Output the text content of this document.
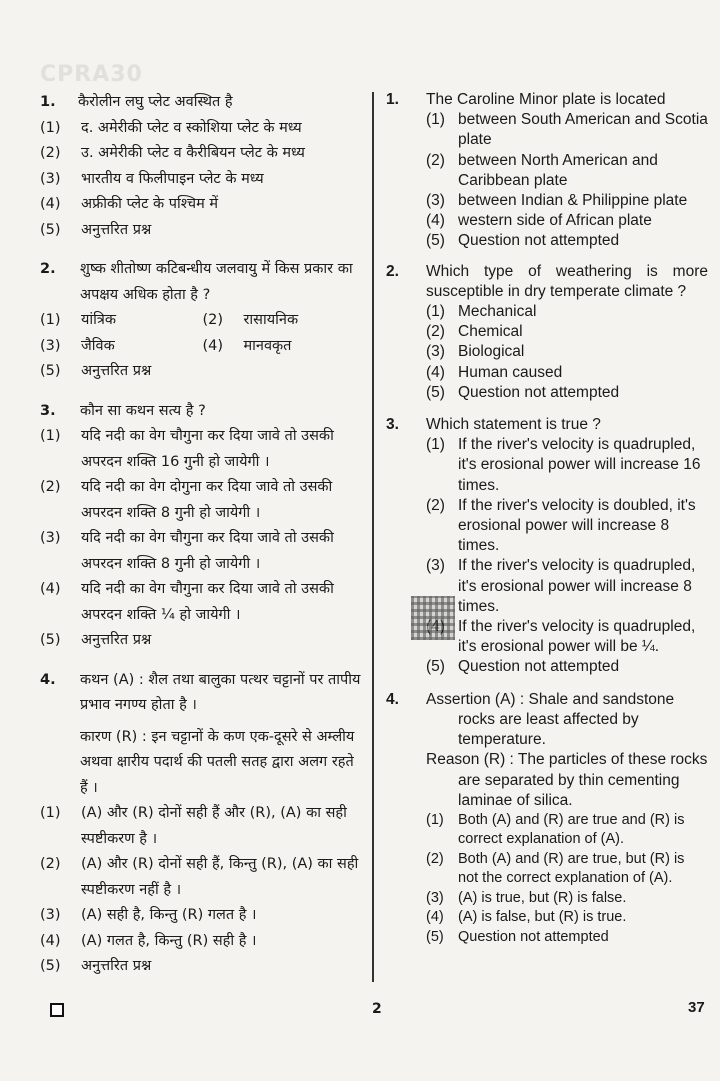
CPRA30
1. कैरोलीन लघु प्लेट अवस्थित है
(1) द. अमेरीकी प्लेट व स्कोशिया प्लेट के मध्य
(2) उ. अमेरीकी प्लेट व कैरीबियन प्लेट के मध्य
(3) भारतीय व फिलीपाइन प्लेट के मध्य
(4) अफ्रीकी प्लेट के पश्चिम में
(5) अनुत्तरित प्रश्न
2. शुष्क शीतोष्ण कटिबन्धीय जलवायु में किस प्रकार का अपक्षय अधिक होता है ?
(1) यांत्रिक	(2) रासायनिक
(3) जैविक	(4) मानवकृत
(5) अनुत्तरित प्रश्न
3. कौन सा कथन सत्य है ?
(1) यदि नदी का वेग चौगुना कर दिया जावे तो उसकी अपरदन शक्ति 16 गुनी हो जायेगी ।
(2) यदि नदी का वेग दोगुना कर दिया जावे तो उसकी अपरदन शक्ति 8 गुनी हो जायेगी ।
(3) यदि नदी का वेग चौगुना कर दिया जावे तो उसकी अपरदन शक्ति 8 गुनी हो जायेगी ।
(4) यदि नदी का वेग चौगुना कर दिया जावे तो उसकी अपरदन शक्ति ¼ हो जायेगी ।
(5) अनुत्तरित प्रश्न
4. कथन (A) : शैल तथा बालुका पत्थर चट्टानों पर तापीय प्रभाव नगण्य होता है ।
कारण (R) : इन चट्टानों के कण एक-दूसरे से अम्लीय अथवा क्षारीय पदार्थ की पतली सतह द्वारा अलग रहते हैं ।
(1) (A) और (R) दोनों सही हैं और (R), (A) का सही स्पष्टीकरण है ।
(2) (A) और (R) दोनों सही हैं, किन्तु (R), (A) का सही स्पष्टीकरण नहीं है ।
(3) (A) सही है, किन्तु (R) गलत है ।
(4) (A) गलत है, किन्तु (R) सही है ।
(5) अनुत्तरित प्रश्न
1. The Caroline Minor plate is located
(1) between South American and Scotia plate
(2) between North American and Caribbean plate
(3) between Indian & Philippine plate
(4) western side of African plate
(5) Question not attempted
2. Which type of weathering is more susceptible in dry temperate climate ?
(1) Mechanical
(2) Chemical
(3) Biological
(4) Human caused
(5) Question not attempted
3. Which statement is true ?
(1) If the river's velocity is quadrupled, it's erosional power will increase 16 times.
(2) If the river's velocity is doubled, it's erosional power will increase 8 times.
(3) If the river's velocity is quadrupled, it's erosional power will increase 8 times.
If the river's velocity is quadrupled, it's erosional power will be ¼.
(5) Question not attempted
4. Assertion (A) : Shale and sandstone rocks are least affected by temperature.
Reason (R) : The particles of these rocks are separated by thin cementing laminae of silica.
(1) Both (A) and (R) are true and (R) is correct explanation of (A).
(2) Both (A) and (R) are true, but (R) is not the correct explanation of (A).
(3) (A) is true, but (R) is false.
(4) (A) is false, but (R) is true.
(5) Question not attempted
2	37
